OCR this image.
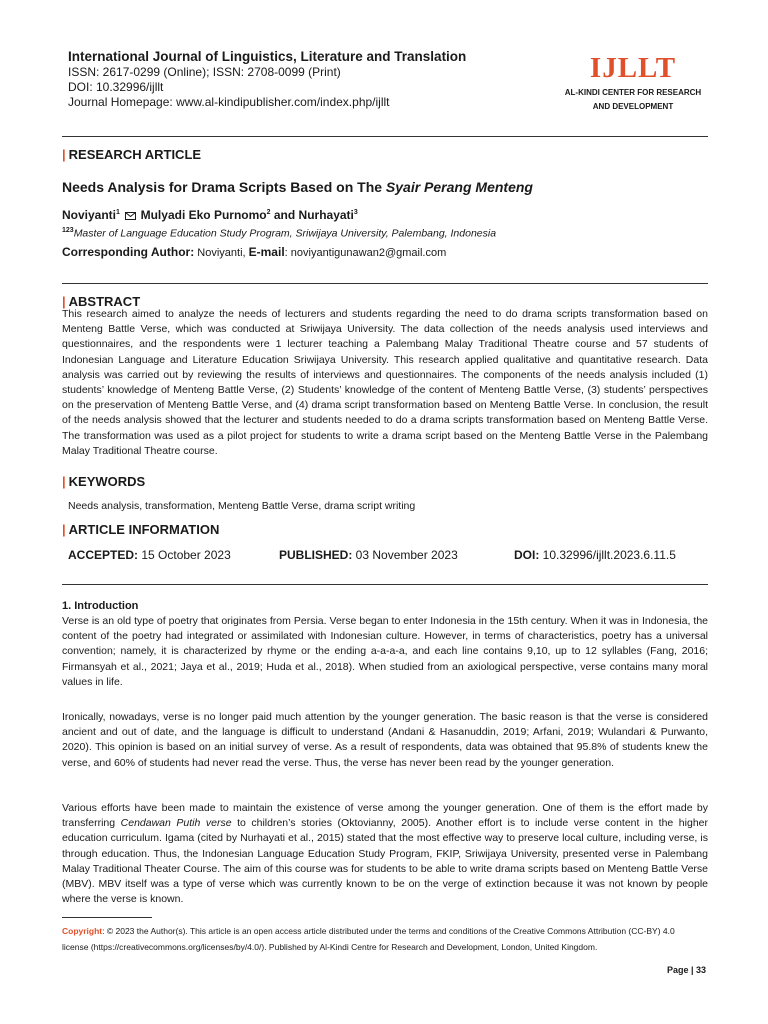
International Journal of Linguistics, Literature and Translation
ISSN: 2617-0299 (Online); ISSN: 2708-0099 (Print)
DOI: 10.32996/ijllt
Journal Homepage: www.al-kindipublisher.com/index.php/ijllt
IJLLT
AL-KINDI CENTER FOR RESEARCH
AND DEVELOPMENT
| RESEARCH ARTICLE
Needs Analysis for Drama Scripts Based on The Syair Perang Menteng
Noviyanti$^1$  Mulyadi Eko Purnomo$^2$ and Nurhayati$^3$
$^{123}$Master of Language Education Study Program, Sriwijaya University, Palembang, Indonesia
Corresponding Author: Noviyanti, E-mail: noviyantigunawan2@gmail.com
| ABSTRACT
This research aimed to analyze the needs of lecturers and students regarding the need to do drama scripts transformation based on Menteng Battle Verse, which was conducted at Sriwijaya University. The data collection of the needs analysis used interviews and questionnaires, and the respondents were 1 lecturer teaching a Palembang Malay Traditional Theatre course and 57 students of Indonesian Language and Literature Education Sriwijaya University. This research applied qualitative and quantitative research. Data analysis was carried out by reviewing the results of interviews and questionnaires. The components of the needs analysis included (1) students’ knowledge of Menteng Battle Verse, (2) Students’ knowledge of the content of Menteng Battle Verse, (3) students’ perspectives on the preservation of Menteng Battle Verse, and (4) drama script transformation based on Menteng Battle Verse. In conclusion, the result of the needs analysis showed that the lecturer and students needed to do a drama scripts transformation based on Menteng Battle Verse. The transformation was used as a pilot project for students to write a drama script based on the Menteng Battle Verse in the Palembang Malay Traditional Theatre course.
| KEYWORDS
Needs analysis, transformation, Menteng Battle Verse, drama script writing
| ARTICLE INFORMATION
ACCEPTED: 15 October 2023	PUBLISHED: 03 November 2023	DOI: 10.32996/ijllt.2023.6.11.5
1. Introduction
Verse is an old type of poetry that originates from Persia. Verse began to enter Indonesia in the 15th century. When it was in Indonesia, the content of the poetry had integrated or assimilated with Indonesian culture. However, in terms of characteristics, poetry has a universal convention; namely, it is characterized by rhyme or the ending a-a-a-a, and each line contains 9,10, up to 12 syllables (Fang, 2016; Firmansyah et al., 2021; Jaya et al., 2019; Huda et al., 2018). When studied from an axiological perspective, verse contains many moral values in life.
Ironically, nowadays, verse is no longer paid much attention by the younger generation. The basic reason is that the verse is considered ancient and out of date, and the language is difficult to understand (Andani & Hasanuddin, 2019; Arfani, 2019; Wulandari & Purwanto, 2020). This opinion is based on an initial survey of verse. As a result of respondents, data was obtained that 95.8% of students knew the verse, and 60% of students had never read the verse. Thus, the verse has never been read by the younger generation.
Various efforts have been made to maintain the existence of verse among the younger generation. One of them is the effort made by transferring Cendawan Putih verse to children’s stories (Oktovianny, 2005). Another effort is to include verse content in the higher education curriculum. Igama (cited by Nurhayati et al., 2015) stated that the most effective way to preserve local culture, including verse, is through education. Thus, the Indonesian Language Education Study Program, FKIP, Sriwijaya University, presented verse in Palembang Malay Traditional Theater Course. The aim of this course was for students to be able to write drama scripts based on Menteng Battle Verse (MBV). MBV itself was a type of verse which was currently known to be on the verge of extinction because it was not known by people where the verse is known.
Copyright: © 2023 the Author(s). This article is an open access article distributed under the terms and conditions of the Creative Commons Attribution (CC-BY) 4.0 license (https://creativecommons.org/licenses/by/4.0/). Published by Al-Kindi Centre for Research and Development, London, United Kingdom.
Page | 33
